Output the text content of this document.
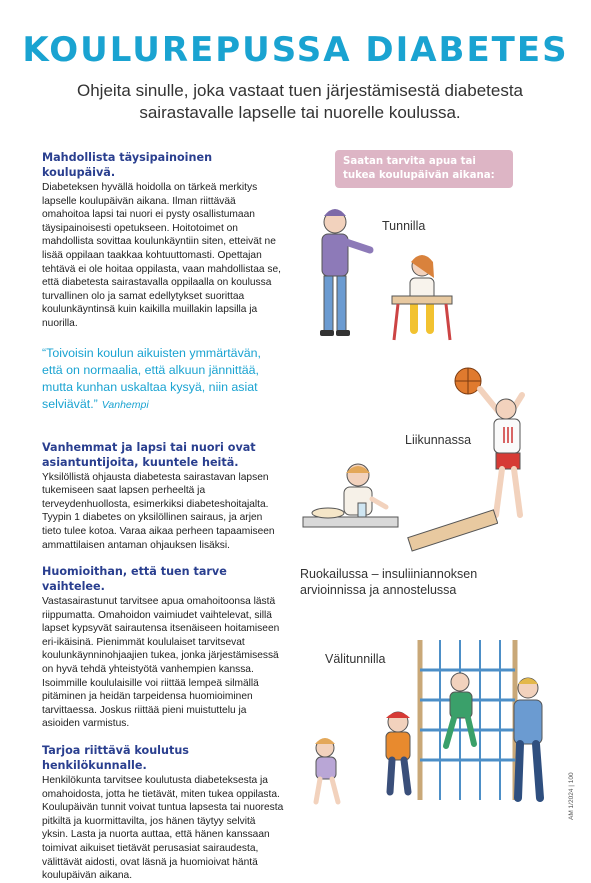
KOULUREPUSSA DIABETES
Ohjeita sinulle, joka vastaat tuen järjestämisestä diabetesta sairastavalle lapselle tai nuorelle koulussa.
Mahdollista täysipainoinen koulupäivä.

Diabeteksen hyvällä hoidolla on tärkeä merkitys lapselle koulupäivän aikana. Ilman riittävää omahoitoa lapsi tai nuori ei pysty osallistumaan täysipainoisesti opetukseen. Hoitotoimet on mahdollista sovittaa koulunkäyntiin siten, etteivät ne lisää oppilaan taakkaa kohtuuttomasti. Opettajan tehtävä ei ole hoitaa oppilasta, vaan mahdollistaa se, että diabetesta sairastavalla oppilaalla on koulussa turvallinen olo ja samat edellytykset suorittaa koulunkäyntinsä kuin kaikilla muillakin lapsilla ja nuorilla.

“Toivoisin koulun aikuisten ymmärtävän, että on normaalia, että alkuun jännittää, mutta kunhan uskaltaa kysyä, niin asiat selviävät.” Vanhempi

Vanhemmat ja lapsi tai nuori ovat asiantuntijoita, kuuntele heitä.

Yksilöllistä ohjausta diabetesta sairastavan lapsen tukemiseen saat lapsen perheeltä ja terveydenhuollosta, esimerkiksi diabeteshoitajalta. Tyypin 1 diabetes on yksilöllinen sairaus, ja arjen tieto tulee kotoa. Varaa aikaa perheen tapaamiseen ammattilaisen antaman ohjauksen lisäksi.

Huomioithan, että tuen tarve vaihtelee.

Vastasairastunut tarvitsee apua omahoitoonsa lästä riippumatta. Omahoidon vaimiudet vaihtelevat, sillä lapset kypsyvät sairautensa itsenäiseen hoitamiseen eri-ikäisinä. Pienimmät koululaiset tarvitsevat koulunkäynninohjaajien tukea, jonka järjestämisessä on hyvä tehdä yhteistyötä vanhempien kanssa. Isoimmille koululaisille voi riittää lempeä silmällä pitäminen ja heidän tarpeidensa huomioiminen tarvittaessa. Joskus riittää pieni muistuttelu ja asioiden varmistus.

Tarjoa riittävä koulutus henkilökunnalle.

Henkilökunta tarvitsee koulutusta diabeteksesta ja omahoidosta, jotta he tietävät, miten tukea oppilasta. Koulupäivän tunnit voivat tuntua lapsesta tai nuoresta pitkiltä ja kuormittavilta, jos hänen täytyy selvitä yksin. Lasta ja nuorta auttaa, että hänen kanssaan toimivat aikuiset tietävät perusasiat sairaudesta, välittävät aidosti, ovat läsnä ja huomioivat häntä koulupäivän aikana.

Saatan tarvita apua tai tukea koulupäivän aikana:
Tunnilla
Liikunnassa
Ruokailussa – insuliiniannoksen arvioinnissa ja annostelussa
Välitunnilla
AM 1/2024 | 100
